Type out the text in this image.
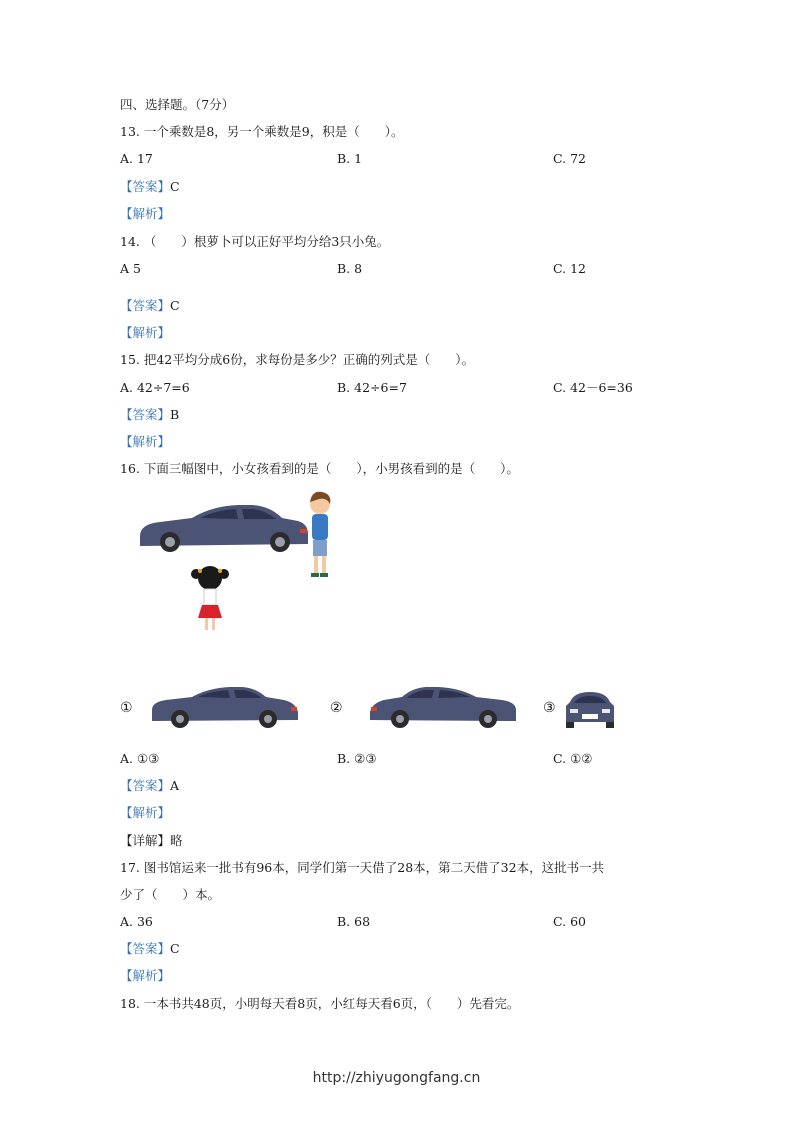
四、选择题。（7分）
13. 一个乘数是8，另一个乘数是9，积是（　　）。
A. 17	B. 1	C. 72
【答案】C
【解析】
14. （　　）根萝卜可以正好平均分给3只小兔。
A 5	B. 8	C. 12
【答案】C
【解析】
15. 把42平均分成6份，求每份是多少？正确的列式是（　　）。
A. 42÷7=6	B. 42÷6=7	C. 42－6=36
【答案】B
【解析】
16. 下面三幅图中，小女孩看到的是（　　），小男孩看到的是（　　）。
①	②	③
A. ①③	B. ②③	C. ①②
【答案】A
【解析】
【详解】略
17. 图书馆运来一批书有96本，同学们第一天借了28本，第二天借了32本，这批书一共
少了（　　）本。
A. 36	B. 68	C. 60
【答案】C
【解析】
18. 一本书共48页，小明每天看8页，小红每天看6页，（　　）先看完。
http://zhiyugongfang.cn
